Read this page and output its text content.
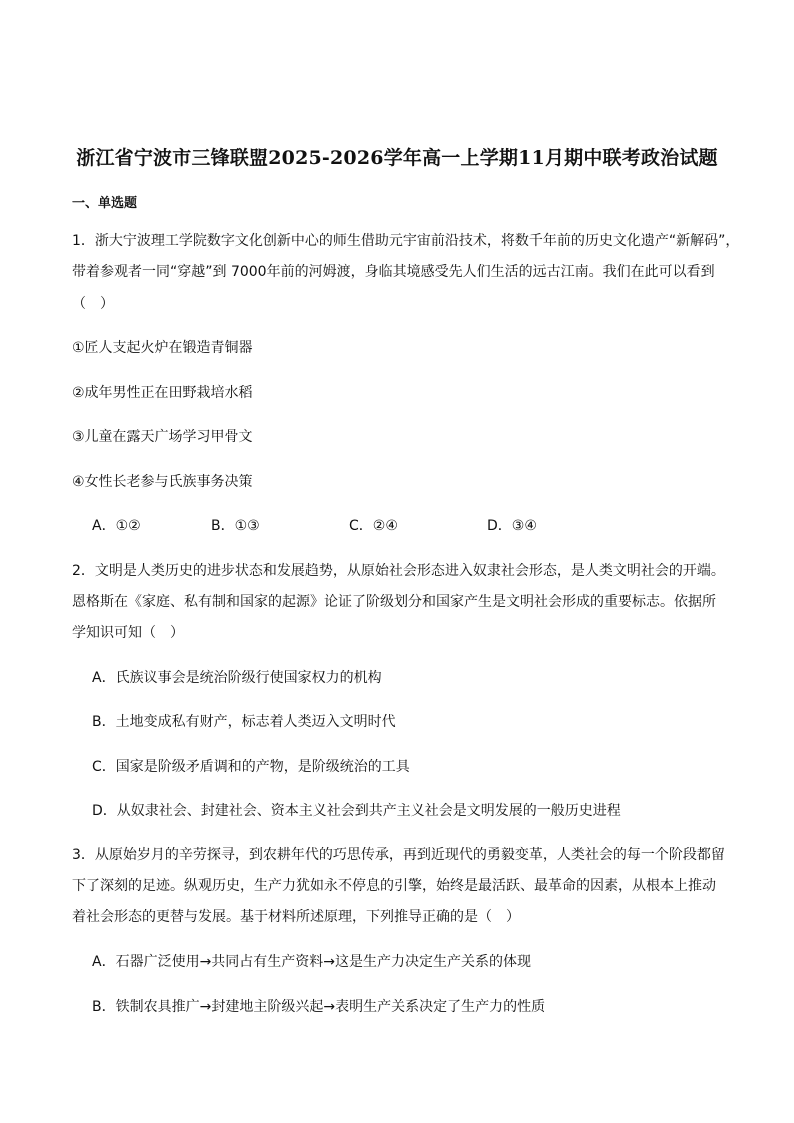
浙江省宁波市三锋联盟2025-2026学年高一上学期11月期中联考政治试题
一、单选题
1．浙大宁波理工学院数字文化创新中心的师生借助元宇宙前沿技术，将数千年前的历史文化遗产“新解码”，
带着参观者一同“穿越”到 7000年前的河姆渡，身临其境感受先人们生活的远古江南。我们在此可以看到
（　）
①匠人支起火炉在锻造青铜器
②成年男性正在田野栽培水稻
③儿童在露天广场学习甲骨文
④女性长老参与氏族事务决策
A．①②	B．①③	C．②④	D．③④
2．文明是人类历史的进步状态和发展趋势，从原始社会形态进入奴隶社会形态，是人类文明社会的开端。
恩格斯在《家庭、私有制和国家的起源》论证了阶级划分和国家产生是文明社会形成的重要标志。依据所
学知识可知（　）
A．氏族议事会是统治阶级行使国家权力的机构
B．土地变成私有财产，标志着人类迈入文明时代
C．国家是阶级矛盾调和的产物，是阶级统治的工具
D．从奴隶社会、封建社会、资本主义社会到共产主义社会是文明发展的一般历史进程
3．从原始岁月的辛劳探寻，到农耕年代的巧思传承，再到近现代的勇毅变革，人类社会的每一个阶段都留
下了深刻的足迹。纵观历史，生产力犹如永不停息的引擎，始终是最活跃、最革命的因素，从根本上推动
着社会形态的更替与发展。基于材料所述原理，下列推导正确的是（　）
A．石器广泛使用→共同占有生产资料→这是生产力决定生产关系的体现
B．铁制农具推广→封建地主阶级兴起→表明生产关系决定了生产力的性质
